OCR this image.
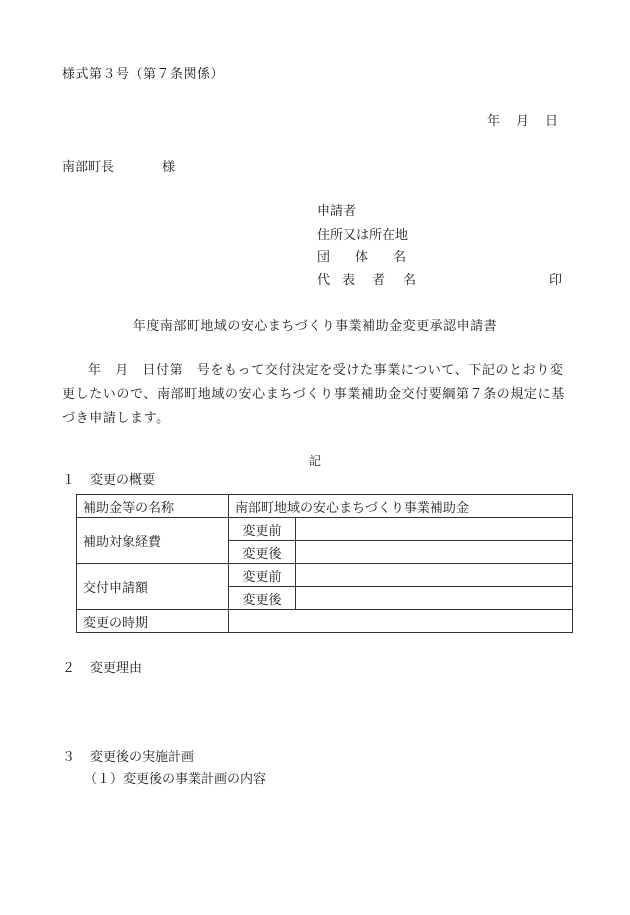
様式第３号（第７条関係）
年 月 日
南部町長	様
申請者
住所又は所在地
団 体 名
代 表 者 名	印
年度南部町地域の安心まちづくり事業補助金変更承認申請書
年　月　日付第　号をもって交付決定を受けた事業について、下記のとおり変更したいので、南部町地域の安心まちづくり事業補助金交付要綱第７条の規定に基づき申請します。
記
１ 変更の概要
補助金等の名称	南部町地域の安心まちづくり事業補助金	
補助対象経費	変更前	
	変更後	
交付申請額	変更前	
	変更後	
変更の時期		
２ 変更理由
３ 変更後の実施計画
（１）変更後の事業計画の内容
